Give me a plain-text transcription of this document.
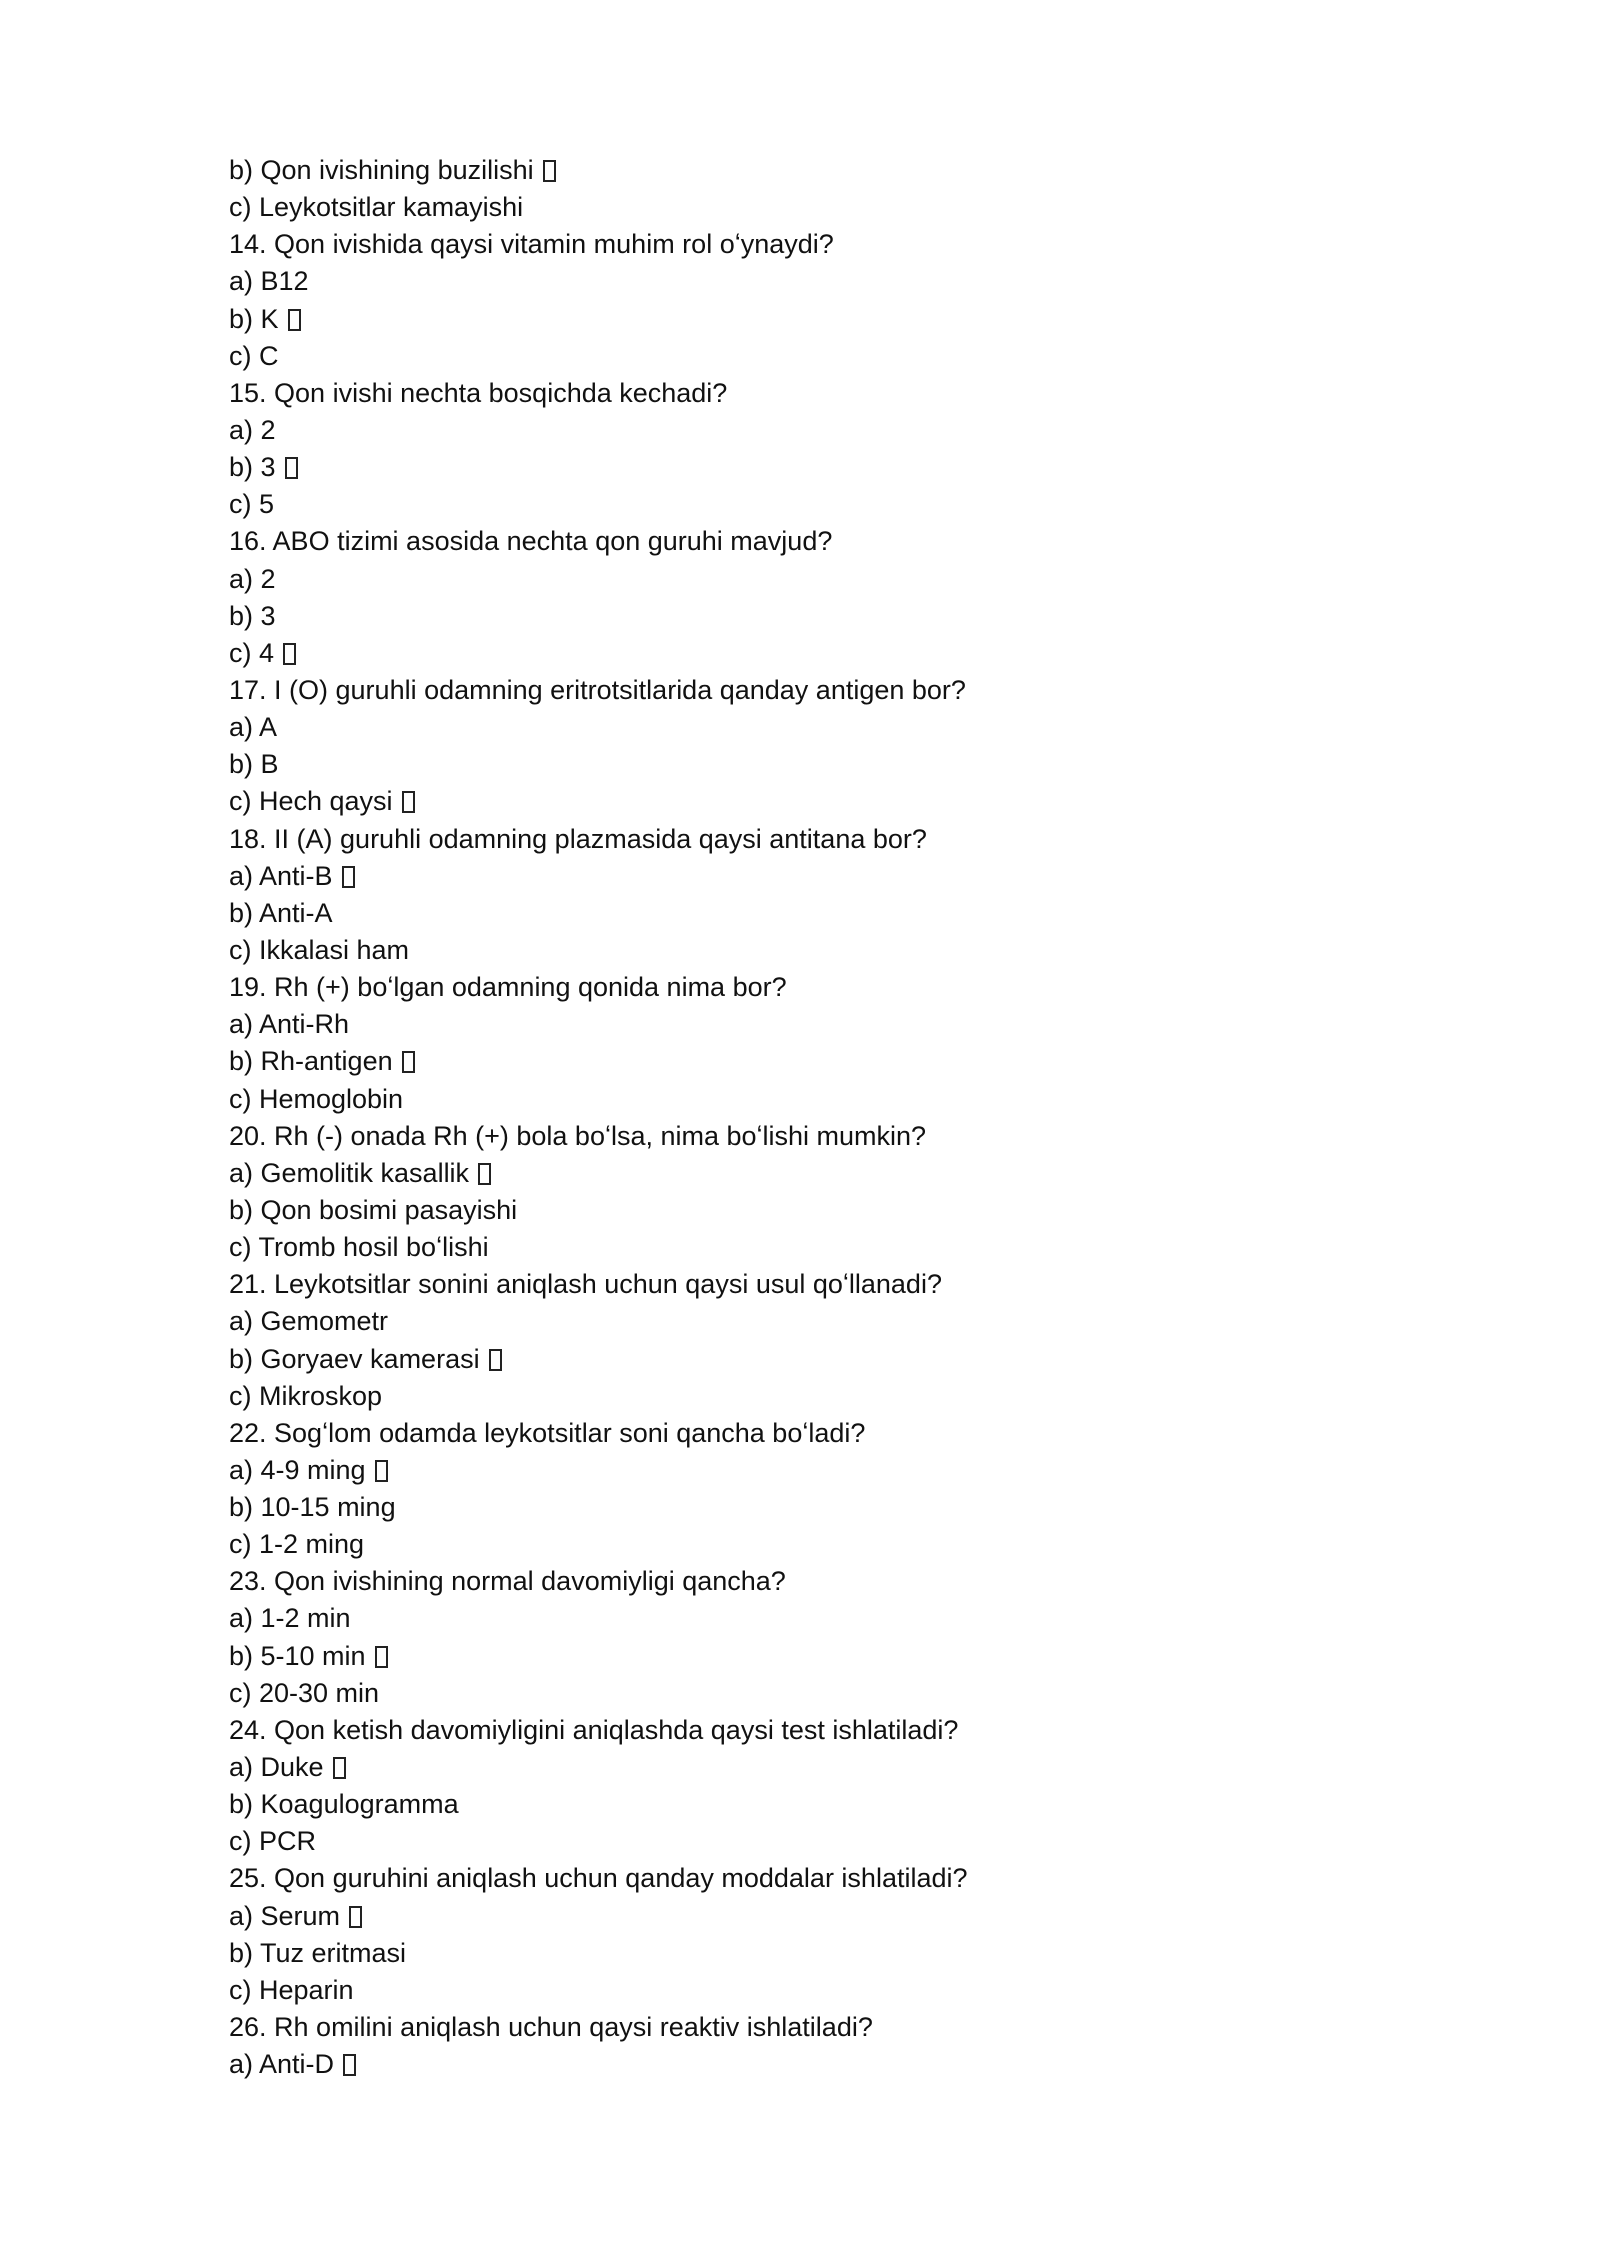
b) Qon ivishining buzilishi
c) Leykotsitlar kamayishi
14. Qon ivishida qaysi vitamin muhim rol oʻynaydi?
a) B12
b) K
c) C
15. Qon ivishi nechta bosqichda kechadi?
a) 2
b) 3
c) 5
16. ABO tizimi asosida nechta qon guruhi mavjud?
a) 2
b) 3
c) 4
17. I (O) guruhli odamning eritrotsitlarida qanday antigen bor?
a) A
b) B
c) Hech qaysi
18. II (A) guruhli odamning plazmasida qaysi antitana bor?
a) Anti-B
b) Anti-A
c) Ikkalasi ham
19. Rh (+) boʻlgan odamning qonida nima bor?
a) Anti-Rh
b) Rh-antigen
c) Hemoglobin
20. Rh (-) onada Rh (+) bola boʻlsa, nima boʻlishi mumkin?
a) Gemolitik kasallik
b) Qon bosimi pasayishi
c) Tromb hosil boʻlishi
21. Leykotsitlar sonini aniqlash uchun qaysi usul qoʻllanadi?
a) Gemometr
b) Goryaev kamerasi
c) Mikroskop
22. Sogʻlom odamda leykotsitlar soni qancha boʻladi?
a) 4-9 ming
b) 10-15 ming
c) 1-2 ming
23. Qon ivishining normal davomiyligi qancha?
a) 1-2 min
b) 5-10 min
c) 20-30 min
24. Qon ketish davomiyligini aniqlashda qaysi test ishlatiladi?
a) Duke
b) Koagulogramma
c) PCR
25. Qon guruhini aniqlash uchun qanday moddalar ishlatiladi?
a) Serum
b) Tuz eritmasi
c) Heparin
26. Rh omilini aniqlash uchun qaysi reaktiv ishlatiladi?
a) Anti-D
